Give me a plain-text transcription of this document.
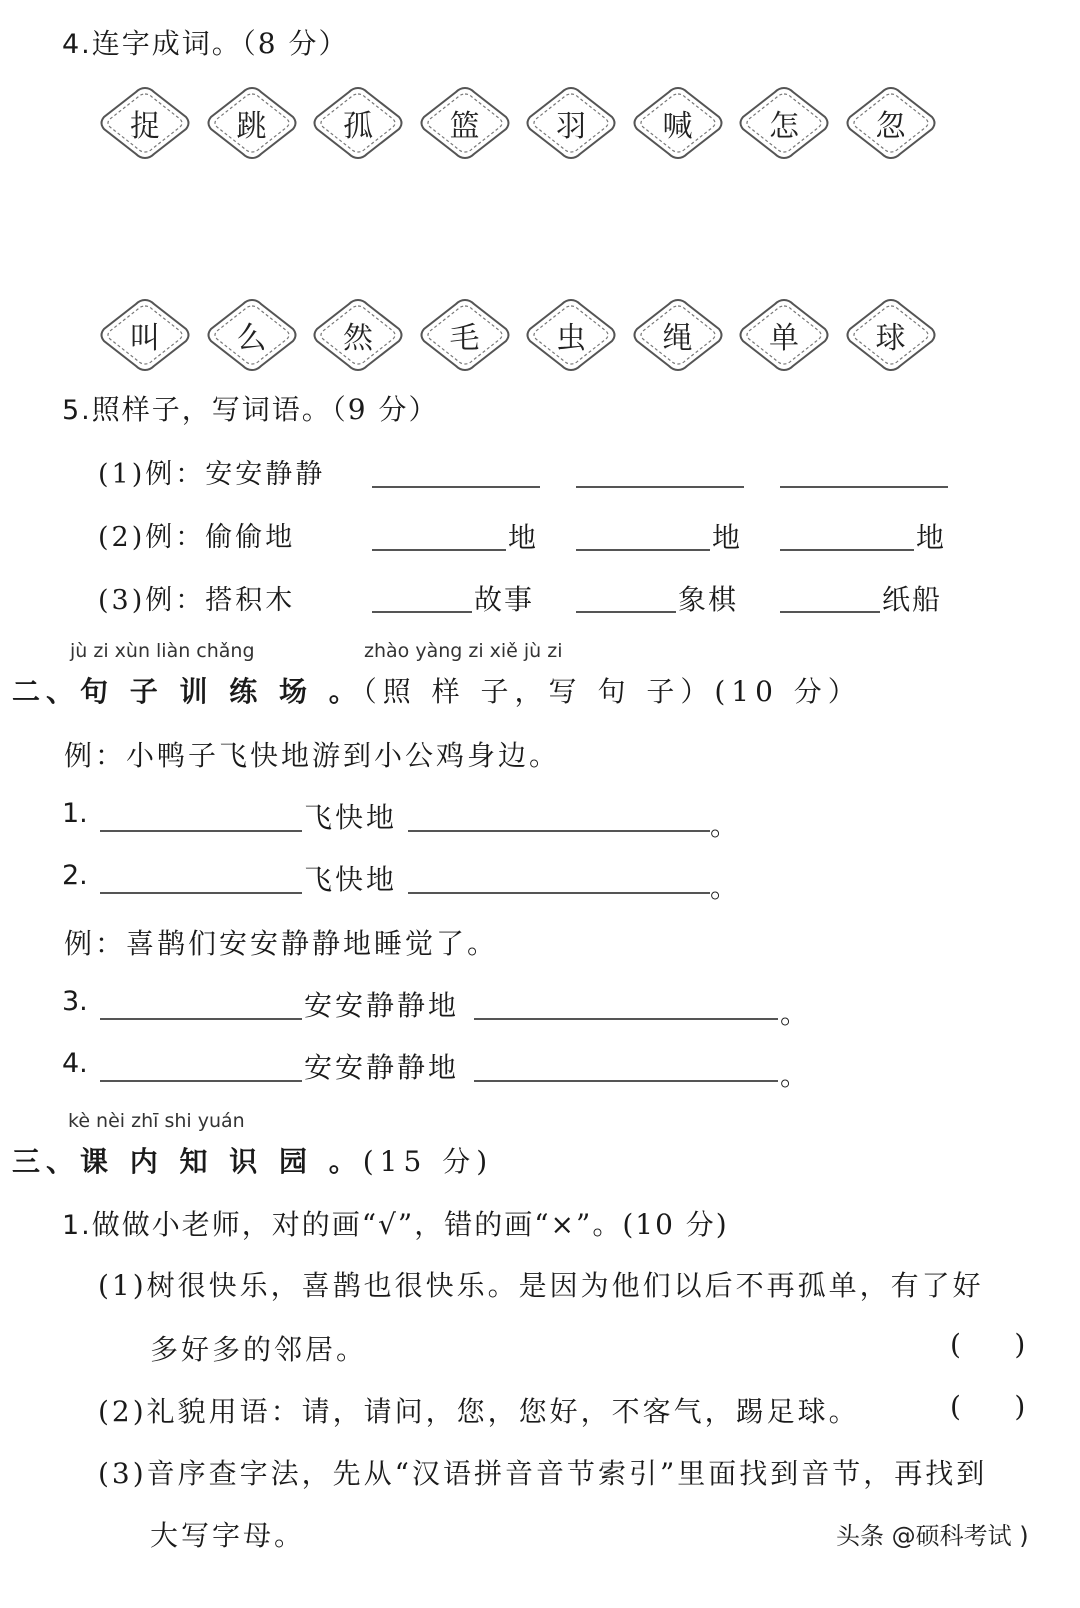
4.连字成词。（8 分）
捉	跳	孤	篮	羽	喊	怎	忽
叫	么	然	毛	虫	绳	单	球
5.照样子，写词语。（9 分）
(1)例：安安静静
(2)例：偷偷地	地	地	地
(3)例：搭积木	故事	象棋	纸船
jù zi xùn liàn chǎng	zhào yàng zi xiě jù zi
二、句 子 训 练 场 。（照 样 子，写 句 子）(10 分）
例：小鸭子飞快地游到小公鸡身边。
1.	飞快地	。
2.	飞快地	。
例：喜鹊们安安静静地睡觉了。
3.	安安静静地	。
4.	安安静静地	。
kè nèi zhī shi yuán
三、课 内 知 识 园 。(15 分)
1.做做小老师，对的画“√”，错的画“×”。(10 分)
(1)树很快乐，喜鹊也很快乐。是因为他们以后不再孤单，有了好
多好多的邻居。	(      )
(2)礼貌用语：请，请问，您，您好，不客气，踢足球。	(      )
(3)音序查字法，先从“汉语拼音音节索引”里面找到音节，再找到
大写字母。	头条 @硕科考试 )
